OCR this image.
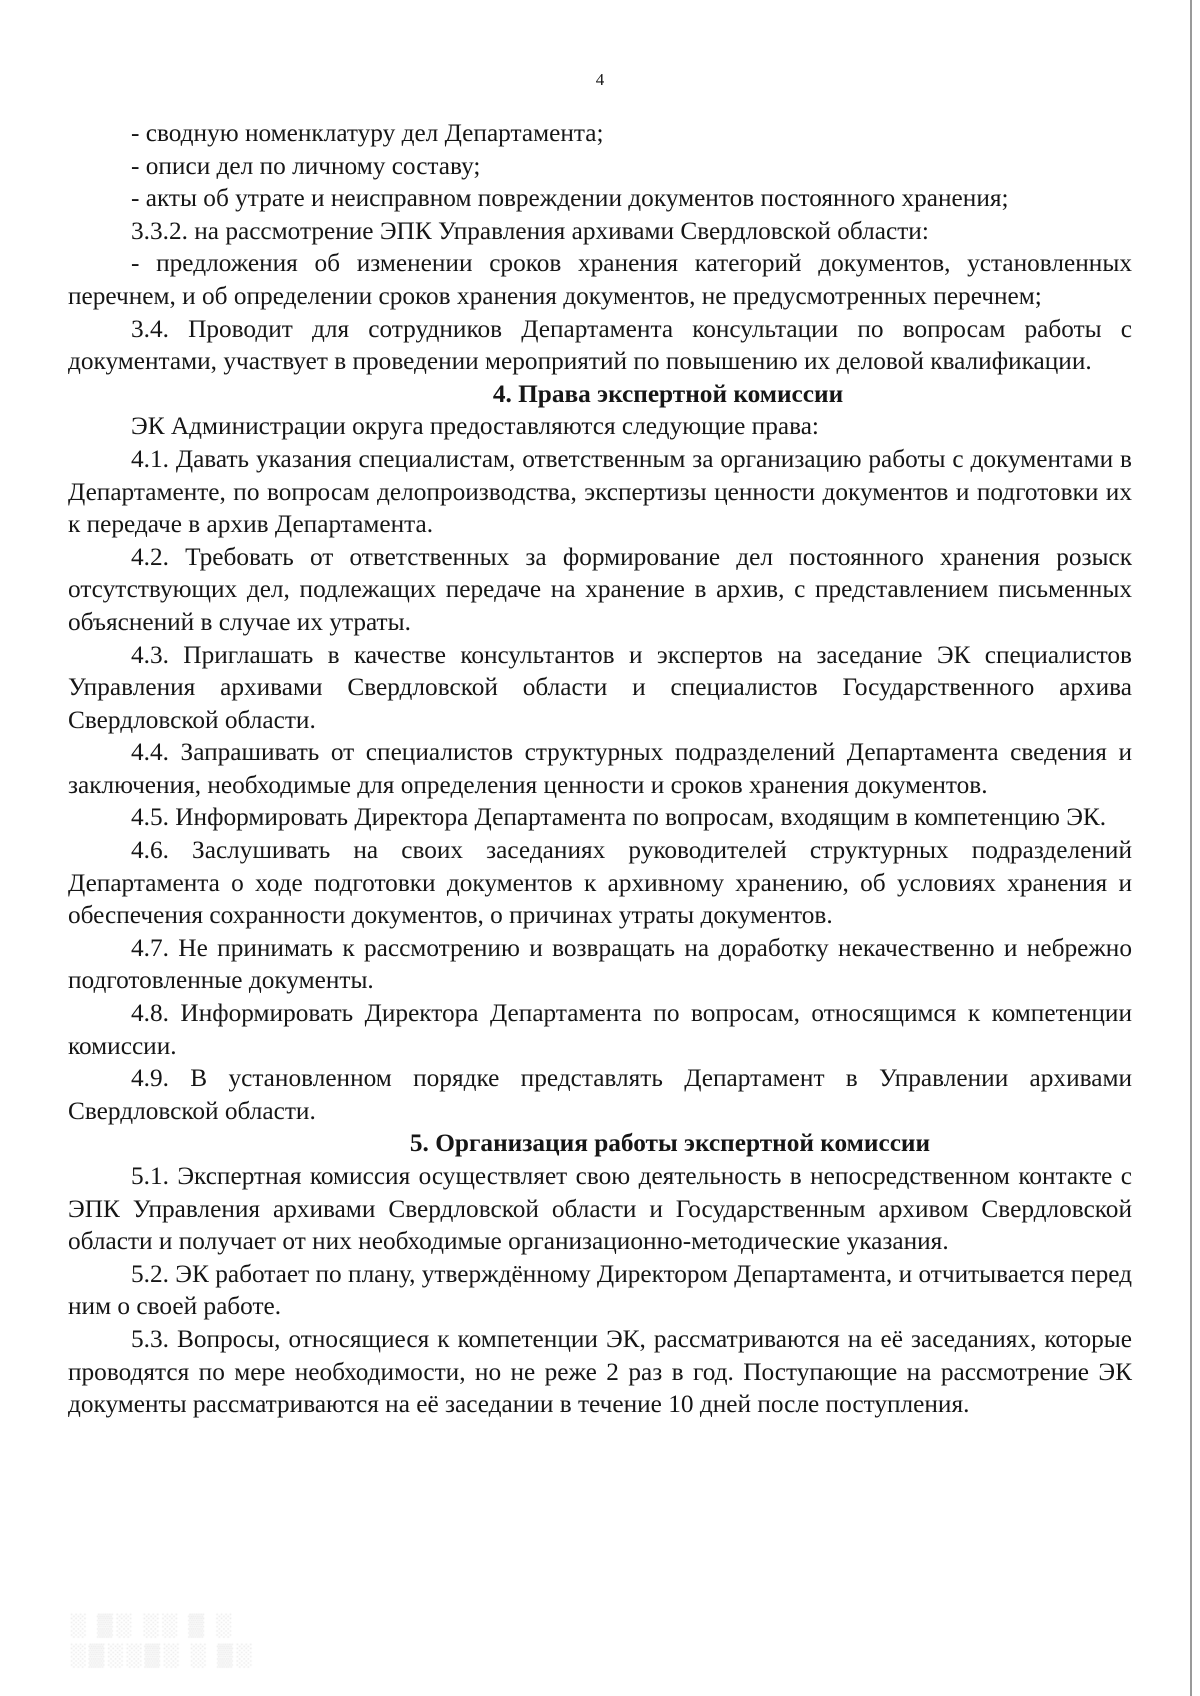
4

- сводную номенклатуру дел Департамента;

- описи дел по личному составу;

- акты об утрате и неисправном повреждении документов постоянного хранения;

3.3.2. на рассмотрение ЭПК Управления архивами Свердловской области:

- предложения об изменении сроков хранения категорий документов, установленных перечнем, и об определении сроков хранения документов, не предусмотренных перечнем;

3.4. Проводит для сотрудников Департамента консультации по вопросам работы с документами, участвует в проведении мероприятий по повышению их деловой квалификации.

4. Права экспертной комиссии

ЭК Администрации округа предоставляются следующие права:

4.1. Давать указания специалистам, ответственным за организацию работы с документами в Департаменте, по вопросам делопроизводства, экспертизы ценности документов и подготовки их к передаче в архив Департамента.

4.2. Требовать от ответственных за формирование дел постоянного хранения розыск отсутствующих дел, подлежащих передаче на хранение в архив, с представлением письменных объяснений в случае их утраты.

4.3. Приглашать в качестве консультантов и экспертов на заседание ЭК специалистов Управления архивами Свердловской области и специалистов Государственного архива Свердловской области.

4.4. Запрашивать от специалистов структурных подразделений Департамента сведения и заключения, необходимые для определения ценности и сроков хранения документов.

4.5. Информировать Директора Департамента по вопросам, входящим в компетенцию ЭК.

4.6. Заслушивать на своих заседаниях руководителей структурных подразделений Департамента о ходе подготовки документов к архивному хранению, об условиях хранения и обеспечения сохранности документов, о причинах утраты документов.

4.7. Не принимать к рассмотрению и возвращать на доработку некачественно и небрежно подготовленные документы.

4.8. Информировать Директора Департамента по вопросам, относящимся к компетенции комиссии.

4.9. В установленном порядке представлять Департамент в Управлении архивами Свердловской области.

5. Организация работы экспертной комиссии

5.1. Экспертная комиссия осуществляет свою деятельность в непосредственном контакте с ЭПК Управления архивами Свердловской области и Государственным архивом Свердловской области и получает от них необходимые организационно-методические указания.

5.2. ЭК работает по плану, утверждённому Директором Департамента, и отчитывается перед ним о своей работе.

5.3. Вопросы, относящиеся к компетенции ЭК, рассматриваются на её заседаниях, которые проводятся по мере необходимости, но не реже 2 раз в год. Поступающие на рассмотрение ЭК документы рассматриваются на её заседании в течение 10 дней после поступления.

░ ▒░ ░░ ▒ ░
░▒░░▒░ ░ ▒░
